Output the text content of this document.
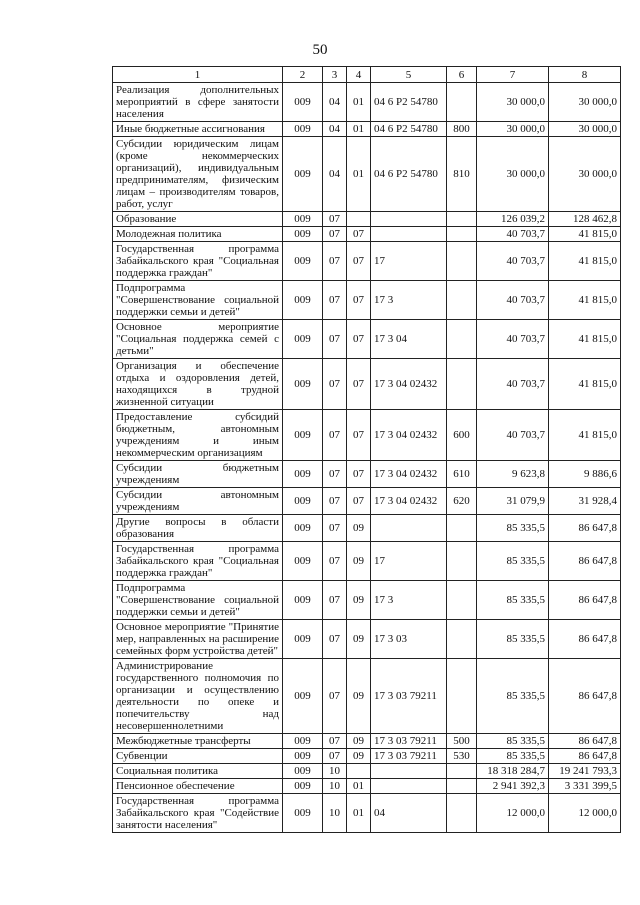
50
1	2	3	4	5	6	7	8
Реализация дополнительных мероприятий в сфере занятости населения	009	04	01	04 6 P2 54780		30 000,0	30 000,0
Иные бюджетные ассигнования	009	04	01	04 6 P2 54780	800	30 000,0	30 000,0
Субсидии юридическим лицам (кроме некоммерческих организаций), индивидуальным предпринимателям, физическим лицам – производителям товаров, работ, услуг	009	04	01	04 6 P2 54780	810	30 000,0	30 000,0
Образование	009	07				126 039,2	128 462,8
Молодежная политика	009	07	07			40 703,7	41 815,0
Государственная программа Забайкальского края "Социальная поддержка граждан"	009	07	07	17		40 703,7	41 815,0
Подпрограмма "Совершенствование социальной поддержки семьи и детей"	009	07	07	17 3		40 703,7	41 815,0
Основное мероприятие "Социальная поддержка семей с детьми"	009	07	07	17 3 04		40 703,7	41 815,0
Организация и обеспечение отдыха и оздоровления детей, находящихся в трудной жизненной ситуации	009	07	07	17 3 04 02432		40 703,7	41 815,0
Предоставление субсидий бюджетным, автономным учреждениям и иным некоммерческим организациям	009	07	07	17 3 04 02432	600	40 703,7	41 815,0
Субсидии бюджетным учреждениям	009	07	07	17 3 04 02432	610	9 623,8	9 886,6
Субсидии автономным учреждениям	009	07	07	17 3 04 02432	620	31 079,9	31 928,4
Другие вопросы в области образования	009	07	09			85 335,5	86 647,8
Государственная программа Забайкальского края "Социальная поддержка граждан"	009	07	09	17		85 335,5	86 647,8
Подпрограмма "Совершенствование социальной поддержки семьи и детей"	009	07	09	17 3		85 335,5	86 647,8
Основное мероприятие "Принятие мер, направленных на расширение семейных форм устройства детей"	009	07	09	17 3 03		85 335,5	86 647,8
Администрирование государственного полномочия по организации и осуществлению деятельности по опеке и попечительству над несовершеннолетними	009	07	09	17 3 03 79211		85 335,5	86 647,8
Межбюджетные трансферты	009	07	09	17 3 03 79211	500	85 335,5	86 647,8
Субвенции	009	07	09	17 3 03 79211	530	85 335,5	86 647,8
Социальная политика	009	10				18 318 284,7	19 241 793,3
Пенсионное обеспечение	009	10	01			2 941 392,3	3 331 399,5
Государственная программа Забайкальского края "Содействие занятости населения"	009	10	01	04		12 000,0	12 000,0
